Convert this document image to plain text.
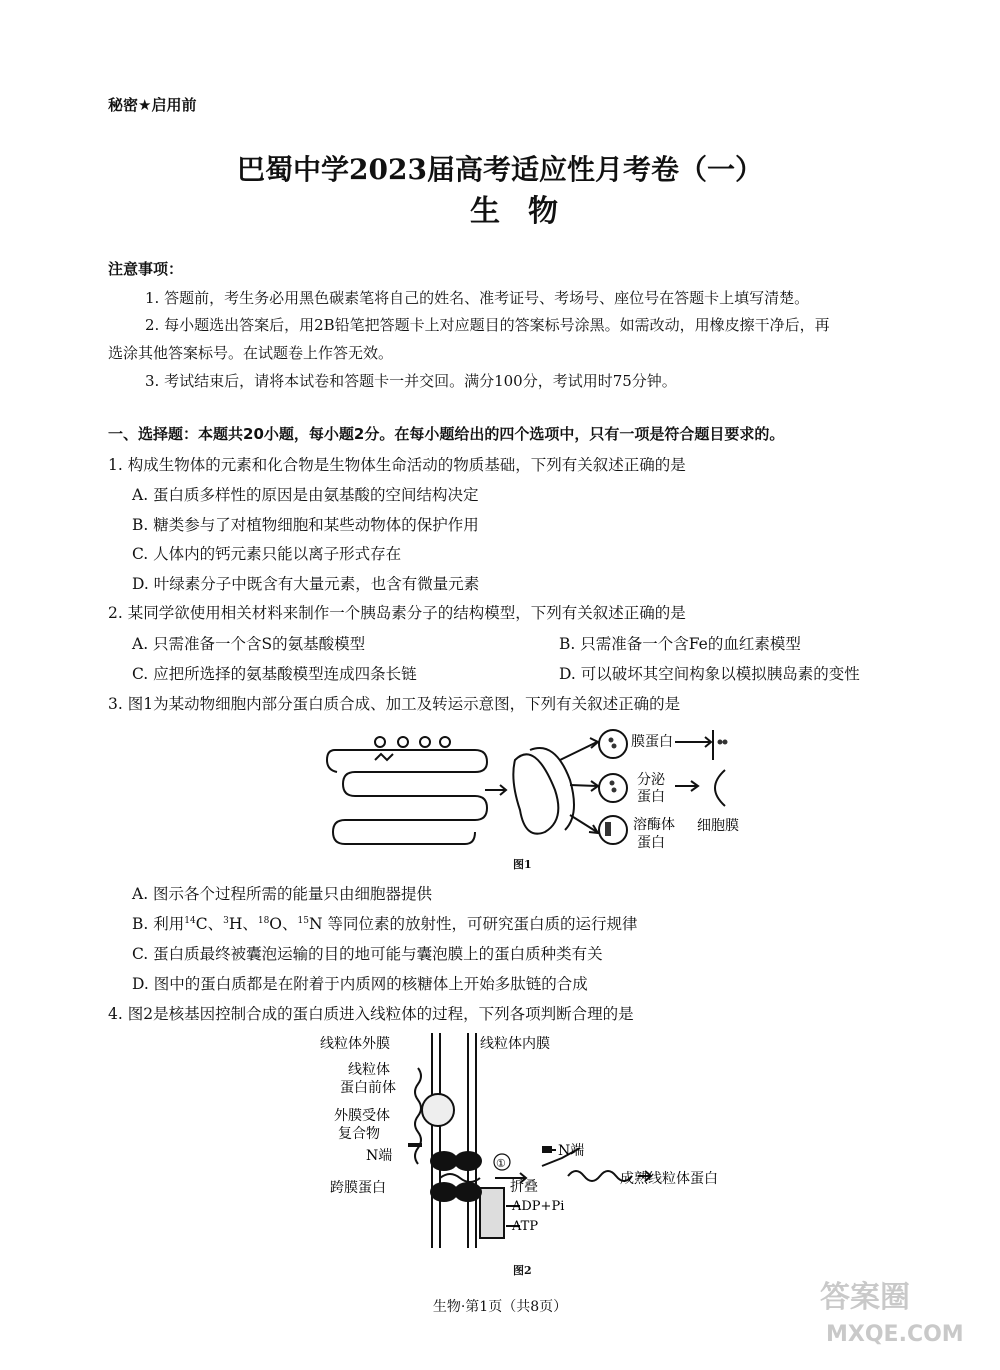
秘密★启用前
巴蜀中学2023届高考适应性月考卷（一）
生物
注意事项：
1. 答题前，考生务必用黑色碳素笔将自己的姓名、准考证号、考场号、座位号在答题卡上填写清楚。
2. 每小题选出答案后，用2B铅笔把答题卡上对应题目的答案标号涂黑。如需改动，用橡皮擦干净后，再
选涂其他答案标号。在试题卷上作答无效。
3. 考试结束后，请将本试卷和答题卡一并交回。满分100分，考试用时75分钟。
一、选择题：本题共20小题，每小题2分。在每小题给出的四个选项中，只有一项是符合题目要求的。
1. 构成生物体的元素和化合物是生物体生命活动的物质基础，下列有关叙述正确的是
A. 蛋白质多样性的原因是由氨基酸的空间结构决定
B. 糖类参与了对植物细胞和某些动物体的保护作用
C. 人体内的钙元素只能以离子形式存在
D. 叶绿素分子中既含有大量元素，也含有微量元素
2. 某同学欲使用相关材料来制作一个胰岛素分子的结构模型，下列有关叙述正确的是
A. 只需准备一个含S的氨基酸模型	B. 只需准备一个含Fe的血红素模型
C. 应把所选择的氨基酸模型连成四条长链	D. 可以破坏其空间构象以模拟胰岛素的变性
3. 图1为某动物细胞内部分蛋白质合成、加工及转运示意图，下列有关叙述正确的是
膜蛋白
分泌
蛋白
溶酶体
蛋白
细胞膜
图1
A. 图示各个过程所需的能量只由细胞器提供
B. 利用$^{14}$C、$^3$H、$^{18}$O、$^{15}$N 等同位素的放射性，可研究蛋白质的运行规律
C. 蛋白质最终被囊泡运输的目的地可能与囊泡膜上的蛋白质种类有关
D. 图中的蛋白质都是在附着于内质网的核糖体上开始多肽链的合成
4. 图2是核基因控制合成的蛋白质进入线粒体的过程，下列各项判断合理的是
线粒体外膜	线粒体内膜
线粒体
蛋白前体
外膜受体
复合物
N端
跨膜蛋白
①
N端
折叠	成熟线粒体蛋白
ADP+Pi
ATP
图2
生物·第1页（共8页）	答案圈
MXQE.COM
